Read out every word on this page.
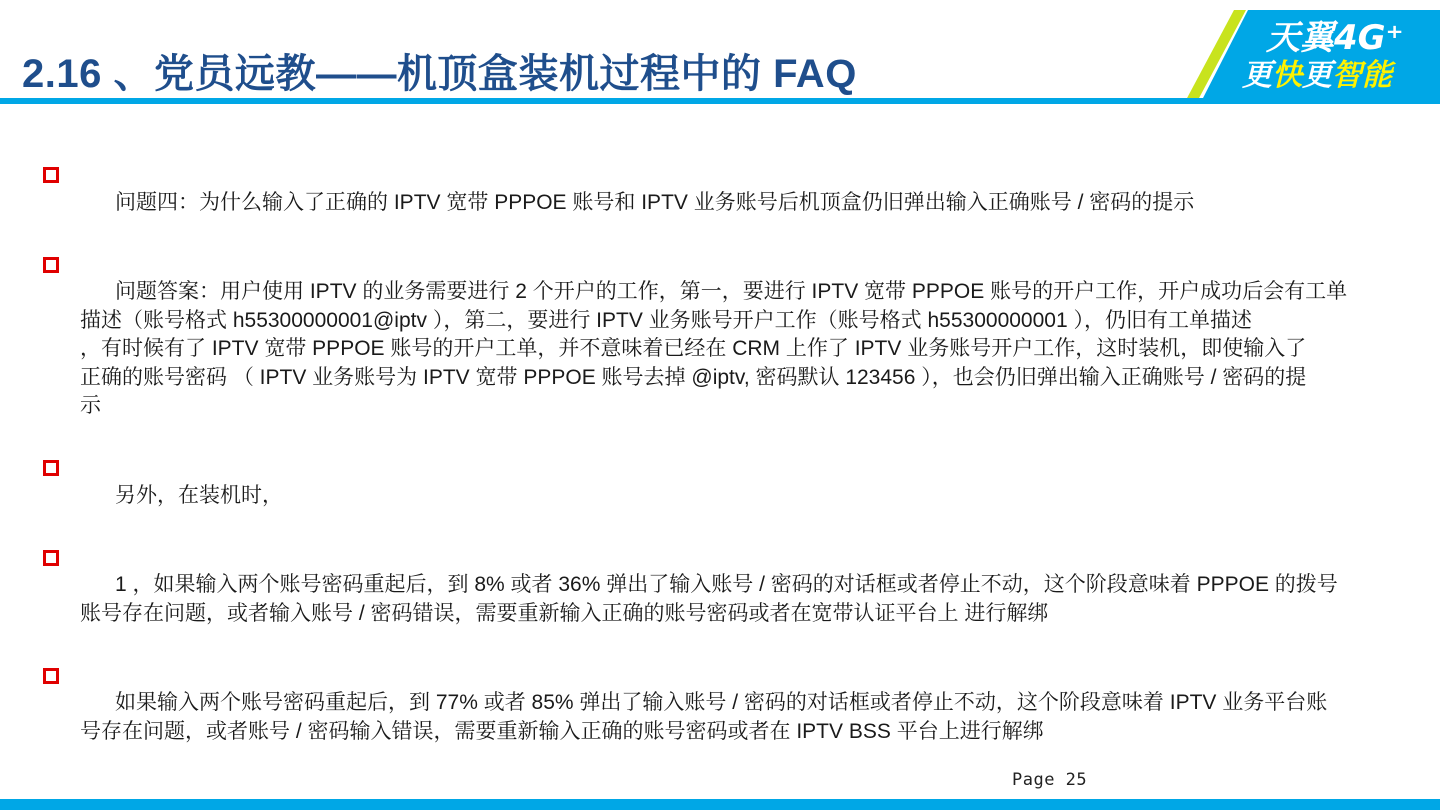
2.16 、党员远教——机顶盒装机过程中的 FAQ
天翼4G⁺
更快更智能

问题四：为什么输入了正确的 IPTV 宽带 PPPOE 账号和 IPTV 业务账号后机顶盒仍旧弹出输入正确账号 / 密码的提示

问题答案：用户使用 IPTV 的业务需要进行 2 个开户的工作，第一，要进行 IPTV 宽带 PPPOE 账号的开户工作，开户成功后会有工单
描述（账号格式 h55300000001@iptv ），第二，要进行 IPTV 业务账号开户工作（账号格式 h55300000001 ），仍旧有工单描述
，有时候有了 IPTV 宽带 PPPOE 账号的开户工单，并不意味着已经在 CRM 上作了 IPTV 业务账号开户工作，这时装机，即使输入了
正确的账号密码 （ IPTV 业务账号为 IPTV 宽带 PPPOE 账号去掉 @iptv, 密码默认 123456 ），也会仍旧弹出输入正确账号 / 密码的提
示

另外，在装机时，

1 ，如果输入两个账号密码重起后，到 8% 或者 36% 弹出了输入账号 / 密码的对话框或者停止不动，这个阶段意味着 PPPOE 的拨号
账号存在问题，或者输入账号 / 密码错误，需要重新输入正确的账号密码或者在宽带认证平台上 进行解绑

如果输入两个账号密码重起后，到 77% 或者 85% 弹出了输入账号 / 密码的对话框或者停止不动，这个阶段意味着 IPTV 业务平台账
号存在问题，或者账号 / 密码输入错误，需要重新输入正确的账号密码或者在 IPTV BSS 平台上进行解绑

Page 25
